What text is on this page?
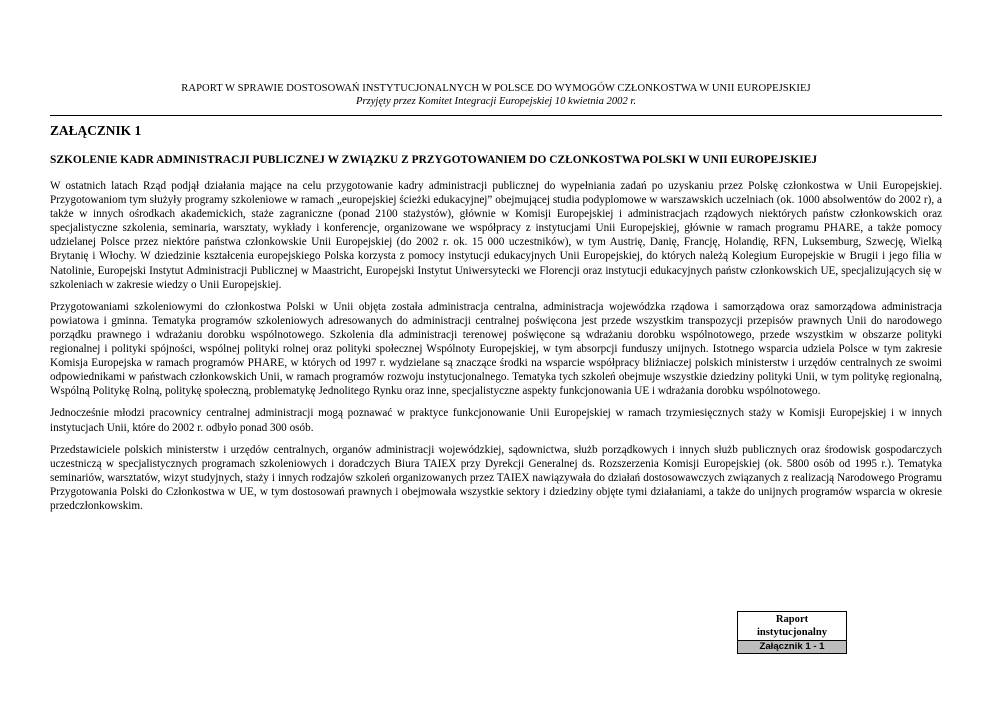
RAPORT W SPRAWIE DOSTOSOWAŃ INSTYTUCJONALNYCH W POLSCE DO WYMOGÓW CZŁONKOSTWA W UNII EUROPEJSKIEJ

Przyjęty przez Komitet Integracji Europejskiej 10 kwietnia 2002 r.

ZAŁĄCZNIK 1
SZKOLENIE KADR ADMINISTRACJI PUBLICZNEJ W ZWIĄZKU Z PRZYGOTOWANIEM DO CZŁONKOSTWA POLSKI W UNII EUROPEJSKIEJ

W ostatnich latach Rząd podjął działania mające na celu przygotowanie kadry administracji publicznej do wypełniania zadań po uzyskaniu przez Polskę członkostwa w Unii Europejskiej. Przygotowaniom tym służyły programy szkoleniowe w ramach „europejskiej ścieżki edukacyjnej” obejmującej studia podyplomowe w warszawskich uczelniach (ok. 1000 absolwentów do 2002 r), a także w innych ośrodkach akademickich, staże zagraniczne (ponad 2100 stażystów), głównie w Komisji Europejskiej i administracjach rządowych niektórych państw członkowskich oraz specjalistyczne szkolenia, seminaria, warsztaty, wykłady i konferencje, organizowane we współpracy z instytucjami Unii Europejskiej, głównie w ramach programu PHARE, a także pomocy udzielanej Polsce przez niektóre państwa członkowskie Unii Europejskiej (do 2002 r. ok. 15 000 uczestników), w tym Austrię, Danię, Francję, Holandię, RFN, Luksemburg, Szwecję, Wielką Brytanię i Włochy. W dziedzinie kształcenia europejskiego Polska korzysta z pomocy instytucji edukacyjnych Unii Europejskiej, do których należą Kolegium Europejskie w Brugii i jego filia w Natolinie, Europejski Instytut Administracji Publicznej w Maastricht, Europejski Instytut Uniwersytecki we Florencji oraz instytucji edukacyjnych państw członkowskich UE, specjalizujących się w szkoleniach w zakresie wiedzy o Unii Europejskiej.

Przygotowaniami szkoleniowymi do członkostwa Polski w Unii objęta została administracja centralna, administracja wojewódzka rządowa i samorządowa oraz samorządowa administracja powiatowa i gminna. Tematyka programów szkoleniowych adresowanych do administracji centralnej poświęcona jest przede wszystkim transpozycji przepisów prawnych Unii do narodowego porządku prawnego i wdrażaniu dorobku wspólnotowego. Szkolenia dla administracji terenowej poświęcone są wdrażaniu dorobku wspólnotowego, przede wszystkim w obszarze polityki regionalnej i polityki spójności, wspólnej polityki rolnej oraz polityki społecznej Wspólnoty Europejskiej, w tym absorpcji funduszy unijnych. Istotnego wsparcia udziela Polsce w tym zakresie Komisja Europejska w ramach programów PHARE, w których od 1997 r. wydzielane są znaczące środki na wsparcie współpracy bliźniaczej polskich ministerstw i urzędów centralnych ze swoimi odpowiednikami w państwach członkowskich Unii, w ramach programów rozwoju instytucjonalnego. Tematyka tych szkoleń obejmuje wszystkie dziedziny polityki Unii, w tym politykę regionalną, Wspólną Politykę Rolną, politykę społeczną, problematykę Jednolitego Rynku oraz inne, specjalistyczne aspekty funkcjonowania UE i wdrażania dorobku wspólnotowego.

Jednocześnie młodzi pracownicy centralnej administracji mogą poznawać w praktyce funkcjonowanie Unii Europejskiej w ramach trzymiesięcznych staży w Komisji Europejskiej i w innych instytucjach Unii, które do 2002 r. odbyło ponad 300 osób.

Przedstawiciele polskich ministerstw i urzędów centralnych, organów administracji wojewódzkiej, sądownictwa, służb porządkowych i innych służb publicznych oraz środowisk gospodarczych uczestniczą w specjalistycznych programach szkoleniowych i doradczych Biura TAIEX przy Dyrekcji Generalnej ds. Rozszerzenia Komisji Europejskiej (ok. 5800 osób od 1995 r.). Tematyka seminariów, warsztatów, wizyt studyjnych, staży i innych rodzajów szkoleń organizowanych przez TAIEX nawiązywała do działań dostosowawczych związanych z realizacją Narodowego Programu Przygotowania Polski do Członkostwa w UE, w tym dostosowań prawnych i obejmowała wszystkie sektory i dziedziny objęte tymi działaniami, a także do unijnych programów wsparcia w okresie przedczłonkowskim.

Raport
instytucjonalny
Załącznik 1 - 1
